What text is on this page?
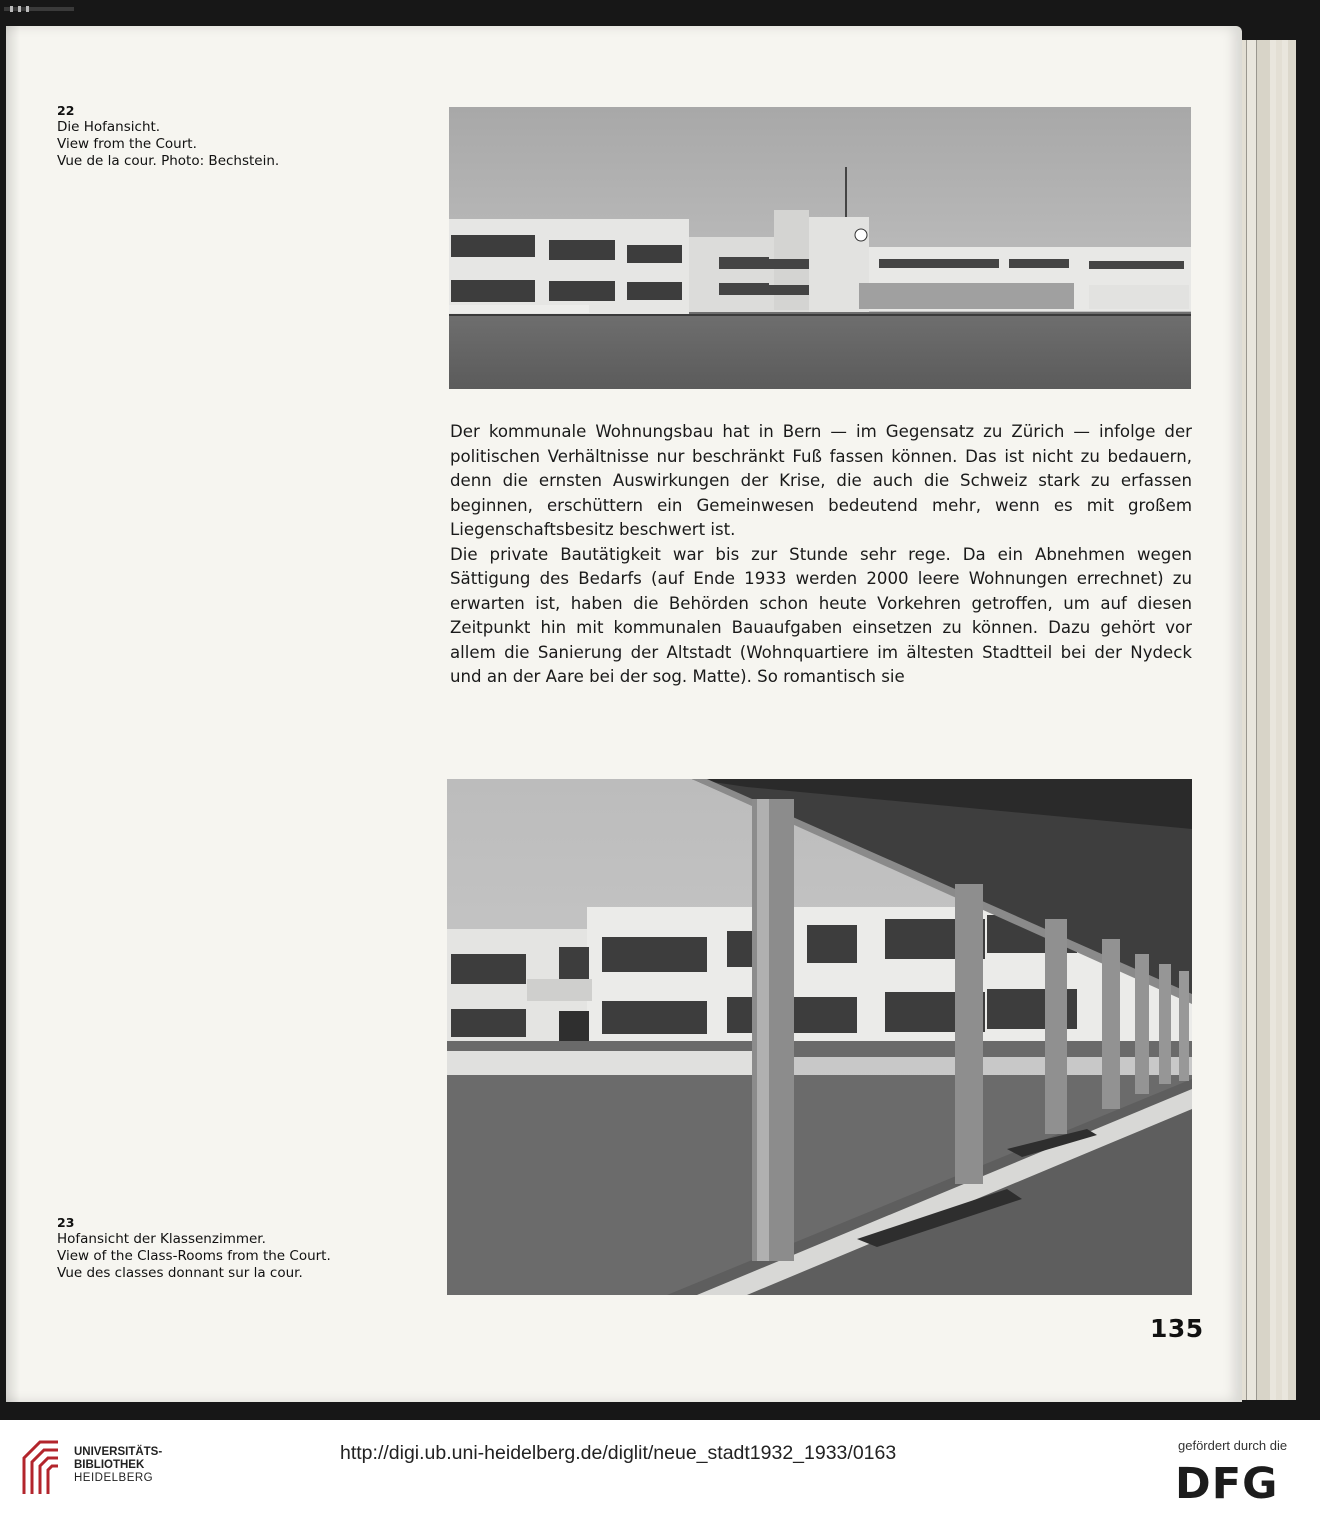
22
Die Hofansicht.
View from the Court.
Vue de la cour. Photo: Bechstein.

Der kommunale Wohnungsbau hat in Bern — im Gegensatz zu Zürich — infolge der politischen Verhältnisse nur beschränkt Fuß fassen können. Das ist nicht zu bedauern, denn die ernsten Auswirkungen der Krise, die auch die Schweiz stark zu erfassen beginnen, erschüttern ein Gemeinwesen bedeutend mehr, wenn es mit großem Liegenschaftsbesitz beschwert ist.

Die private Bautätigkeit war bis zur Stunde sehr rege. Da ein Abnehmen wegen Sättigung des Bedarfs (auf Ende 1933 werden 2000 leere Wohnungen errechnet) zu erwarten ist, haben die Behörden schon heute Vorkehren getroffen, um auf diesen Zeitpunkt hin mit kommunalen Bauaufgaben einsetzen zu können. Dazu gehört vor allem die Sanierung der Altstadt (Wohnquartiere im ältesten Stadtteil bei der Nydeck und an der Aare bei der sog. Matte). So romantisch sie

23
Hofansicht der Klassenzimmer.
View of the Class-Rooms from the Court.
Vue des classes donnant sur la cour.
135
UNIVERSITÄTS-
BIBLIOTHEK
HEIDELBERG
http://digi.ub.uni-heidelberg.de/diglit/neue_stadt1932_1933/0163	gefördert durch die
DFG
